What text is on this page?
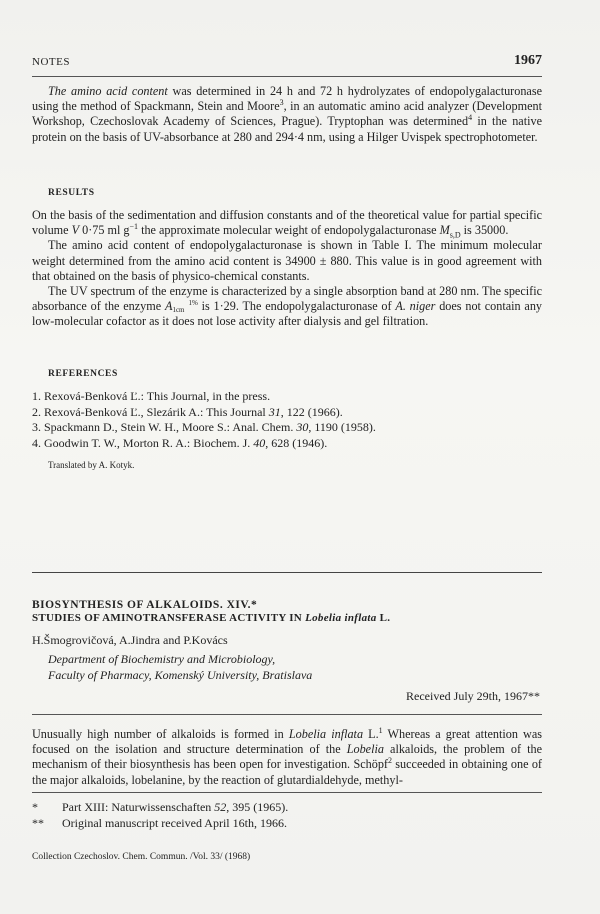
NOTES	1967

The amino acid content was determined in 24 h and 72 h hydrolyzates of endopolygalacturonase using the method of Spackmann, Stein and Moore$^3$, in an automatic amino acid analyzer (Development Workshop, Czechoslovak Academy of Sciences, Prague). Tryptophan was determined$^4$ in the native protein on the basis of UV-absorbance at 280 and 294·4 nm, using a Hilger Uvispek spectrophotometer.

RESULTS

On the basis of the sedimentation and diffusion constants and of the theoretical value for partial specific volume V 0·75 ml $g^{-1}$ the approximate molecular weight of endopolygalacturonase $M_{s,D}$ is 35000.

The amino acid content of endopolygalacturonase is shown in Table I. The minimum molecular weight determined from the amino acid content is 34900 ± 880. This value is in good agreement with that obtained on the basis of physico-chemical constants.

The UV spectrum of the enzyme is characterized by a single absorption band at 280 nm. The specific absorbance of the enzyme A 1%
1cm is 1·29. The endopolygalacturonase of A. niger does not contain any low-molecular cofactor as it does not lose activity after dialysis and gel filtration.

REFERENCES
1. Rexová-Benková Ľ.: This Journal, in the press.
2. Rexová-Benková Ľ., Slezárik A.: This Journal 31, 122 (1966).
3. Spackmann D., Stein W. H., Moore S.: Anal. Chem. 30, 1190 (1958).
4. Goodwin T. W., Morton R. A.: Biochem. J. 40, 628 (1946).
Translated by A. Kotyk.
BIOSYNTHESIS OF ALKALOIDS. XIV.*
STUDIES OF AMINOTRANSFERASE ACTIVITY IN Lobelia inflata L.
H.Šmogrovičová, A.Jindra and P.Kovács
Department of Biochemistry and Microbiology,
Faculty of Pharmacy, Komenský University, Bratislava
Received July 29th, 1967**

Unusually high number of alkaloids is formed in Lobelia inflata L.$^1$ Whereas a great attention was focused on the isolation and structure determination of the Lobelia alkaloids, the problem of the mechanism of their biosynthesis has been open for investigation. Schöpf$^2$ succeeded in obtaining one of the major alkaloids, lobelanine, by the reaction of glutardialdehyde, methyl-

* Part XIII: Naturwissenschaften 52, 395 (1965).
** Original manuscript received April 16th, 1966.
Collection Czechoslov. Chem. Commun. /Vol. 33/ (1968)
